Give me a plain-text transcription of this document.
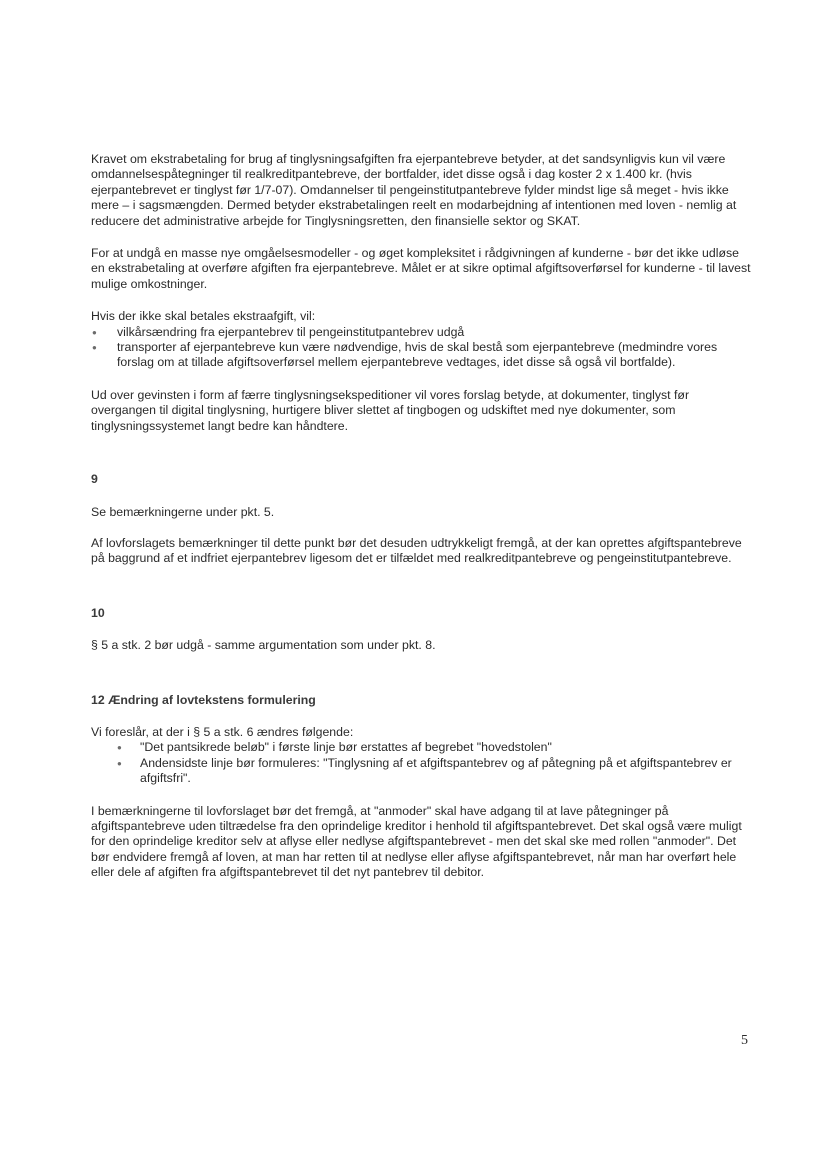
Kravet om ekstrabetaling for brug af tinglysningsafgiften fra ejerpantebreve betyder, at det sandsynligvis kun vil være omdannelsespåtegninger til realkreditpantebreve, der bortfalder, idet disse også i dag koster 2 x 1.400 kr. (hvis ejerpantebrevet er tinglyst før 1/7-07). Omdannelser til pengeinstitutpantebreve fylder mindst lige så meget - hvis ikke mere – i sagsmængden. Dermed betyder ekstrabetalingen reelt en modarbejdning af intentionen med loven - nemlig at reducere det administrative arbejde for Tinglysningsretten, den finansielle sektor og SKAT.

For at undgå en masse nye omgåelsesmodeller - og øget kompleksitet i rådgivningen af kunderne - bør det ikke udløse en ekstrabetaling at overføre afgiften fra ejerpantebreve. Målet er at sikre optimal afgiftsoverførsel for kunderne - til lavest mulige omkostninger.

Hvis der ikke skal betales ekstraafgift, vil:

● vilkårsændring fra ejerpantebrev til pengeinstitutpantebrev udgå
● transporter af ejerpantebreve kun være nødvendige, hvis de skal bestå som ejerpantebreve (medmindre vores forslag om at tillade afgiftsoverførsel mellem ejerpantebreve vedtages, idet disse så også vil bortfalde).

Ud over gevinsten i form af færre tinglysningsekspeditioner vil vores forslag betyde, at dokumenter, tinglyst før overgangen til digital tinglysning, hurtigere bliver slettet af tingbogen og udskiftet med nye dokumenter, som tinglysningssystemet langt bedre kan håndtere.

9

Se bemærkningerne under pkt. 5.

Af lovforslagets bemærkninger til dette punkt bør det desuden udtrykkeligt fremgå, at der kan oprettes afgiftspantebreve på baggrund af et indfriet ejerpantebrev ligesom det er tilfældet med realkreditpantebreve og pengeinstitutpantebreve.

10

§ 5 a stk. 2 bør udgå - samme argumentation som under pkt. 8.

12 Ændring af lovtekstens formulering

Vi foreslår, at der i § 5 a stk. 6 ændres følgende:

● "Det pantsikrede beløb" i første linje bør erstattes af begrebet "hovedstolen"
● Andensidste linje bør formuleres: "Tinglysning af et afgiftspantebrev og af påtegning på et afgiftspantebrev er afgiftsfri".

I bemærkningerne til lovforslaget bør det fremgå, at "anmoder" skal have adgang til at lave påtegninger på afgiftspantebreve uden tiltrædelse fra den oprindelige kreditor i henhold til afgiftspantebrevet. Det skal også være muligt for den oprindelige kreditor selv at aflyse eller nedlyse afgiftspantebrevet - men det skal ske med rollen "anmoder". Det bør endvidere fremgå af loven, at man har retten til at nedlyse eller aflyse afgiftspantebrevet, når man har overført hele eller dele af afgiften fra afgiftspantebrevet til det nyt pantebrev til debitor.

5
